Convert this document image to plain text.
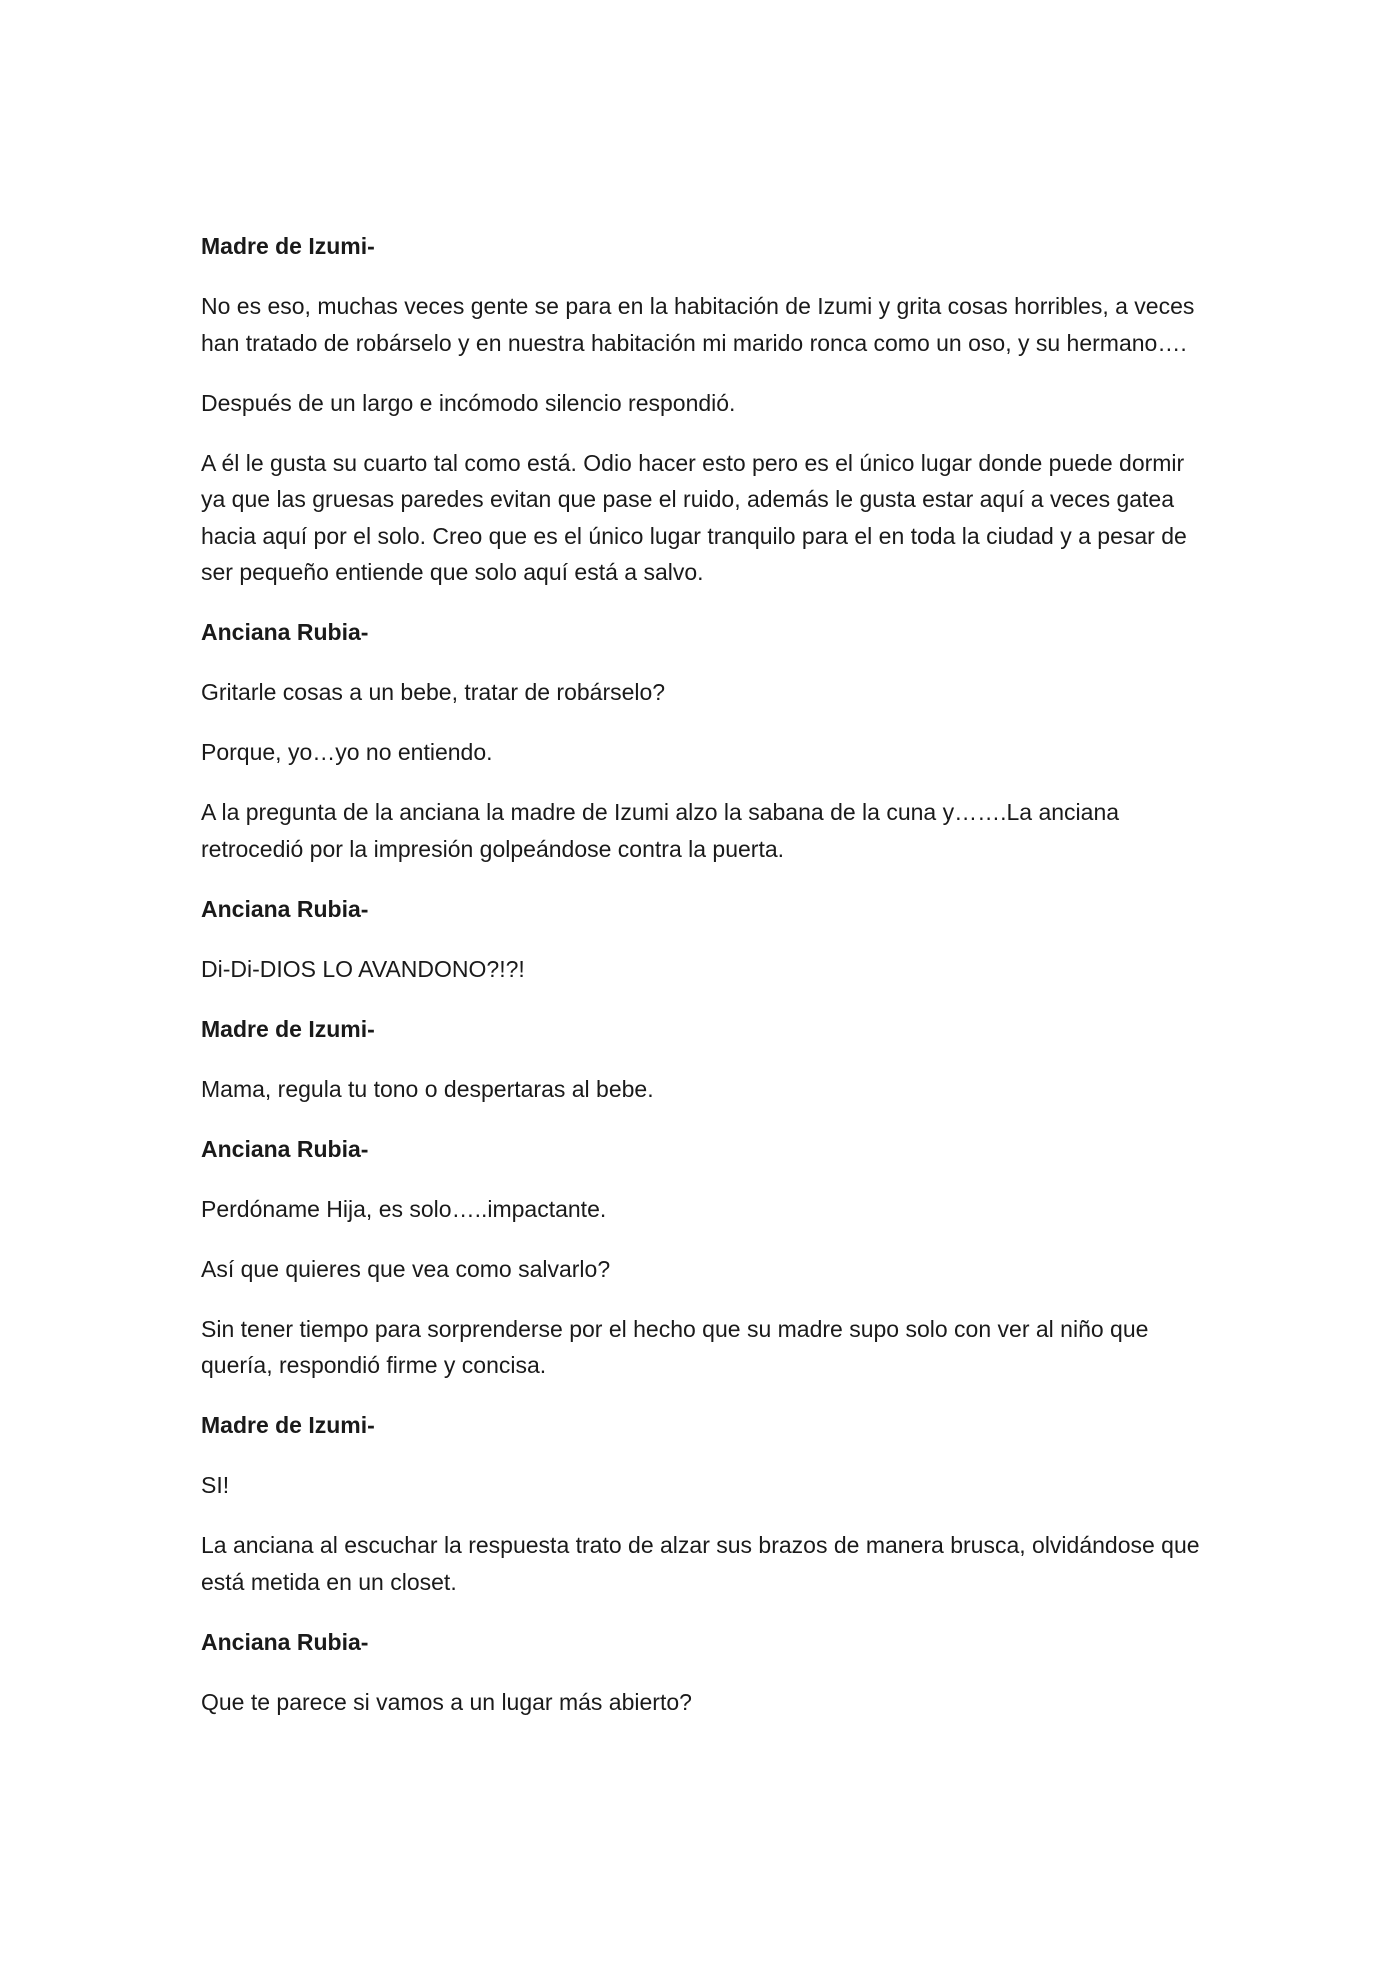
Madre de Izumi-

No es eso, muchas veces gente se para en la habitación de Izumi y grita cosas horribles, a veces han tratado de robárselo y en nuestra habitación mi marido ronca como un oso, y su hermano….

Después de un largo e incómodo silencio respondió.

A él le gusta su cuarto tal como está. Odio hacer esto pero es el único lugar donde puede dormir ya que las gruesas paredes evitan que pase el ruido, además le gusta estar aquí a veces gatea hacia aquí por el solo. Creo que es el único lugar tranquilo para el en toda la ciudad y a pesar de ser pequeño entiende que solo aquí está a salvo.

Anciana Rubia-

Gritarle cosas a un bebe, tratar de robárselo?

Porque, yo…yo no entiendo.

A la pregunta de la anciana la madre de Izumi alzo la sabana de la cuna y…….La anciana retrocedió por la impresión golpeándose contra la puerta.

Anciana Rubia-

Di-Di-DIOS LO AVANDONO?!?!

Madre de Izumi-

Mama, regula tu tono o despertaras al bebe.

Anciana Rubia-

Perdóname Hija, es solo…..impactante.

Así que quieres que vea como salvarlo?

Sin tener tiempo para sorprenderse por el hecho que su madre supo solo con ver al niño que quería, respondió firme y concisa.

Madre de Izumi-

SI!

La anciana al escuchar la respuesta trato de alzar sus brazos de manera brusca, olvidándose que está metida en un closet.

Anciana Rubia-

Que te parece si vamos a un lugar más abierto?
